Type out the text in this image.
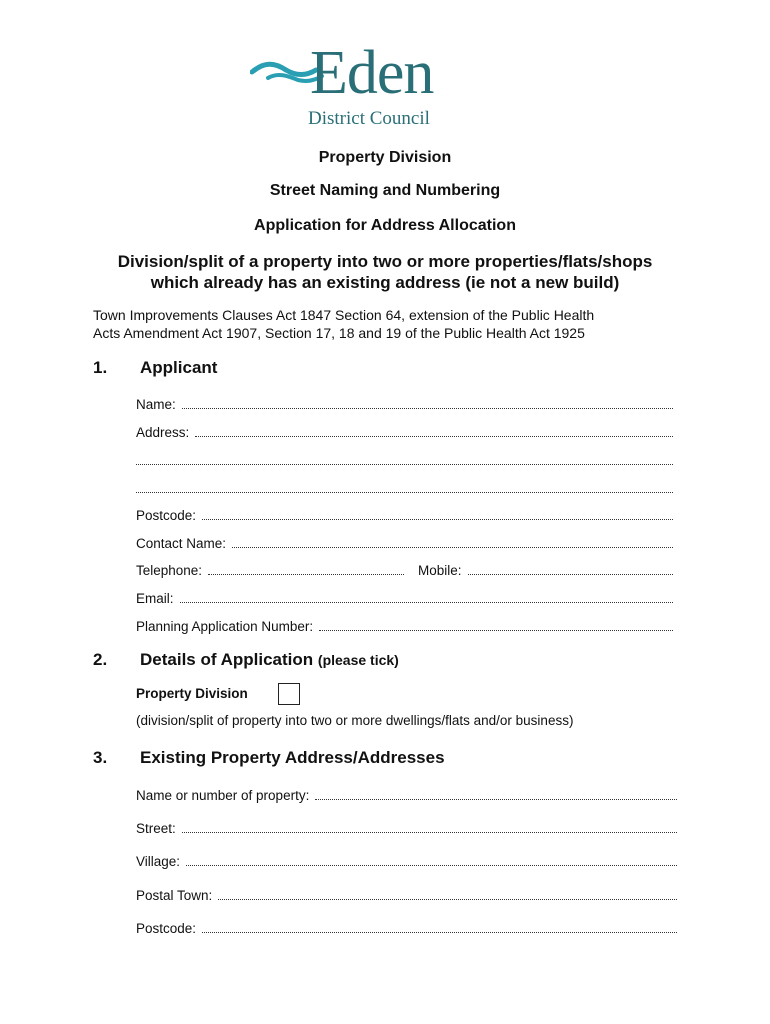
Eden
District Council
Property Division
Street Naming and Numbering
Application for Address Allocation
Division/split of a property into two or more properties/flats/shops
which already has an existing address (ie not a new build)
Town Improvements Clauses Act 1847 Section 64, extension of the Public Health
Acts Amendment Act 1907, Section 17, 18 and 19 of the Public Health Act 1925
1. Applicant
Name:
Address:
Postcode:
Contact Name:
Telephone:	Mobile:
Email:
Planning Application Number:
2. Details of Application (please tick)
Property Division
(division/split of property into two or more dwellings/flats and/or business)
3. Existing Property Address/Addresses
Name or number of property:
Street:
Village:
Postal Town:
Postcode:
